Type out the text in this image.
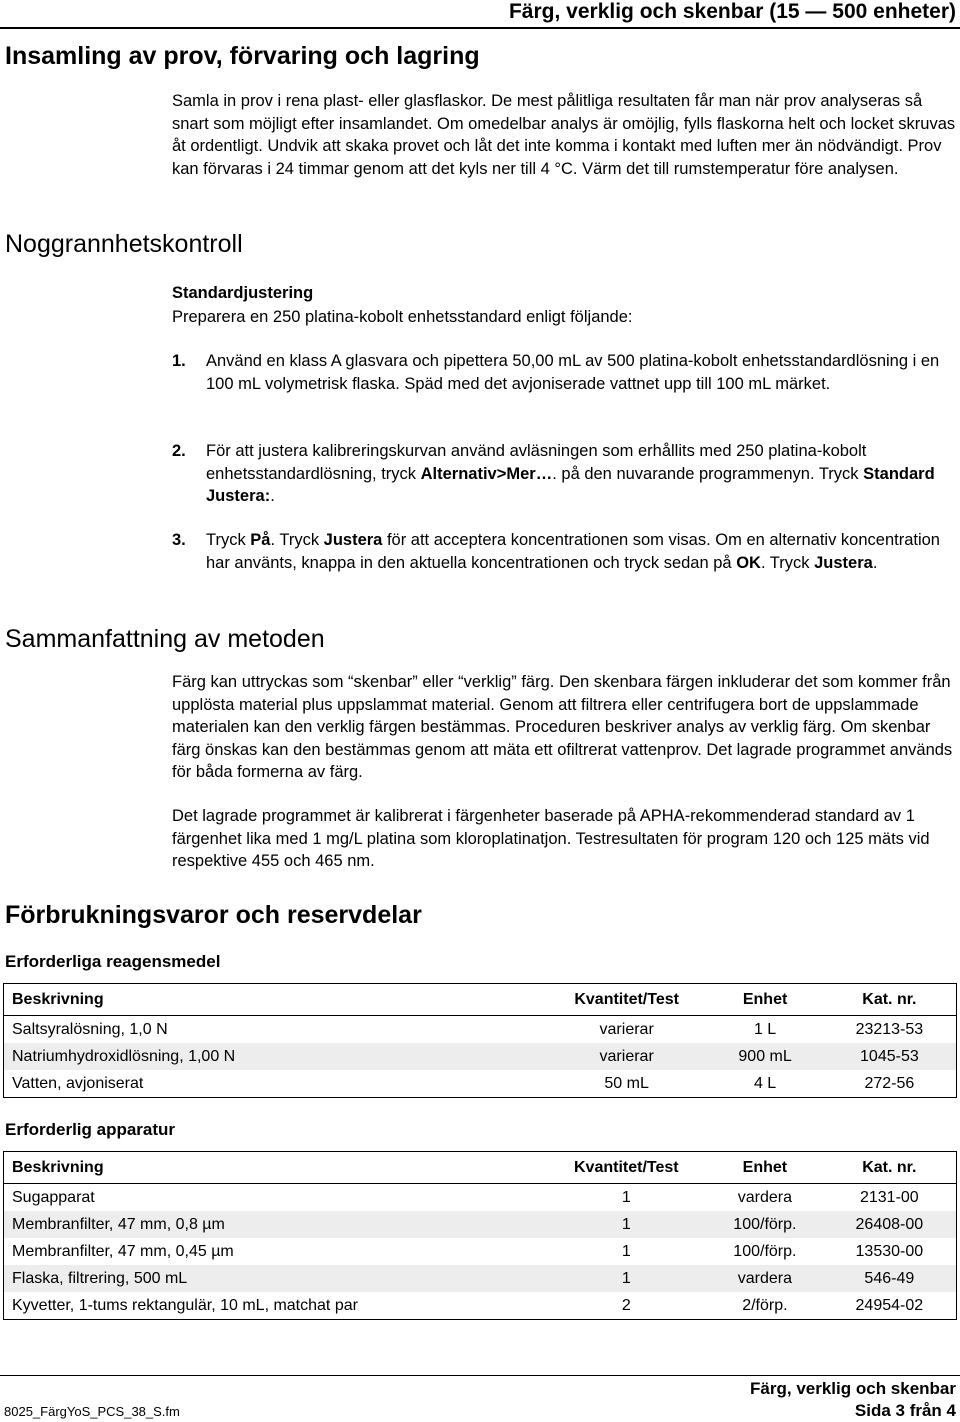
Färg, verklig och skenbar (15 — 500 enheter)
Insamling av prov, förvaring och lagring

Samla in prov i rena plast- eller glasflaskor. De mest pålitliga resultaten får man när prov analyseras så snart som möjligt efter insamlandet. Om omedelbar analys är omöjlig, fylls flaskorna helt och locket skruvas åt ordentligt. Undvik att skaka provet och låt det inte komma i kontakt med luften mer än nödvändigt. Prov kan förvaras i 24 timmar genom att det kyls ner till 4 °C. Värm det till rumstemperatur före analysen.

Noggrannhetskontroll
Standardjustering

Preparera en 250 platina-kobolt enhetsstandard enligt följande:

1. Använd en klass A glasvara och pipettera 50,00 mL av 500 platina-kobolt enhetsstandardlösning i en 100 mL volymetrisk flaska. Späd med det avjoniserade vattnet upp till 100 mL märket.
2. För att justera kalibreringskurvan använd avläsningen som erhållits med 250 platina-kobolt enhetsstandardlösning, tryck Alternativ>Mer…. på den nuvarande programmenyn. Tryck Standard Justera:.
3. Tryck På. Tryck Justera för att acceptera koncentrationen som visas. Om en alternativ koncentration har använts, knappa in den aktuella koncentrationen och tryck sedan på OK. Tryck Justera.
Sammanfattning av metoden

Färg kan uttryckas som “skenbar” eller “verklig” färg. Den skenbara färgen inkluderar det som kommer från upplösta material plus uppslammat material. Genom att filtrera eller centrifugera bort de uppslammade materialen kan den verklig färgen bestämmas. Proceduren beskriver analys av verklig färg. Om skenbar färg önskas kan den bestämmas genom att mäta ett ofiltrerat vattenprov. Det lagrade programmet används för båda formerna av färg.

Det lagrade programmet är kalibrerat i färgenheter baserade på APHA-rekommenderad standard av 1 färgenhet lika med 1 mg/L platina som kloroplatinatjon. Testresultaten för program 120 och 125 mäts vid respektive 455 och 465 nm.

Förbrukningsvaror och reservdelar
Erforderliga reagensmedel
Beskrivning	Kvantitet/Test	Enhet	Kat. nr.
Saltsyralösning, 1,0 N	varierar	1 L	23213-53
Natriumhydroxidlösning, 1,00 N	varierar	900 mL	1045-53
Vatten, avjoniserat	50 mL	4 L	272-56
Erforderlig apparatur
Beskrivning	Kvantitet/Test	Enhet	Kat. nr.
Sugapparat	1	vardera	2131-00
Membranfilter, 47 mm, 0,8 µm	1	100/förp.	26408-00
Membranfilter, 47 mm, 0,45 µm	1	100/förp.	13530-00
Flaska, filtrering, 500 mL	1	vardera	546-49
Kyvetter, 1-tums rektangulär, 10 mL, matchat par	2	2/förp.	24954-02
8025_FärgYoS_PCS_38_S.fm
Färg, verklig och skenbar
Sida 3 från 4
